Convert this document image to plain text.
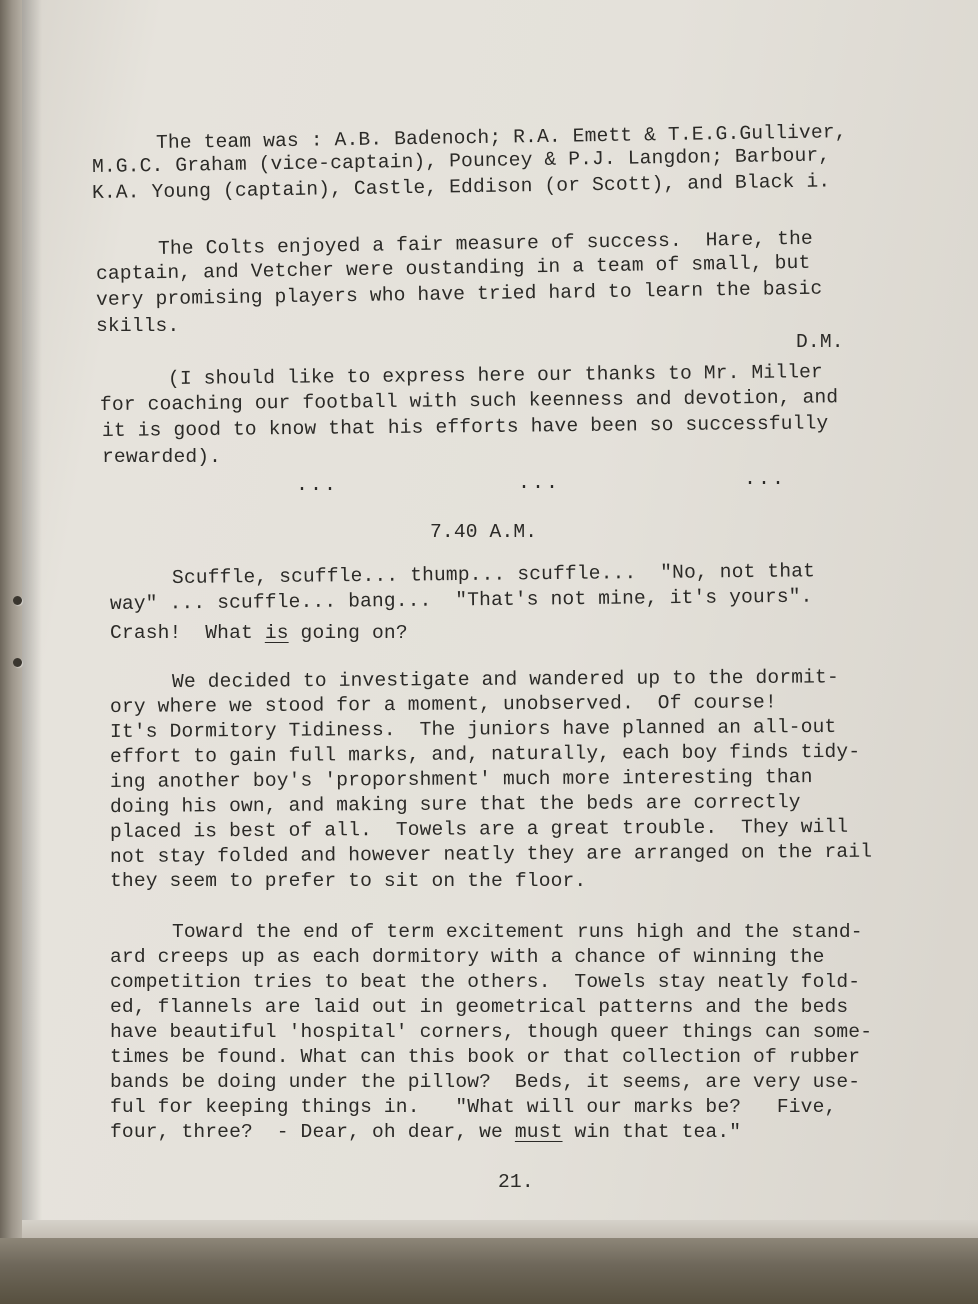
The team was : A.B. Badenoch; R.A. Emett & T.E.G.Gulliver,
M.G.C. Graham (vice-captain), Pouncey & P.J. Langdon; Barbour,
K.A. Young (captain), Castle, Eddison (or Scott), and Black i.
The Colts enjoyed a fair measure of success.  Hare, the
captain, and Vetcher were oustanding in a team of small, but
very promising players who have tried hard to learn the basic
skills.
D.M.
(I should like to express here our thanks to Mr. Miller
for coaching our football with such keenness and devotion, and
it is good to know that his efforts have been so successfully
rewarded).
...	...	...
7.40 A.M.
Scuffle, scuffle... thump... scuffle...  "No, not that
way" ... scuffle... bang...  "That's not mine, it's yours".
Crash!  What is going on?
We decided to investigate and wandered up to the dormit-
ory where we stood for a moment, unobserved.  Of course!
It's Dormitory Tidiness.  The juniors have planned an all-out
effort to gain full marks, and, naturally, each boy finds tidy-
ing another boy's 'proporshment' much more interesting than
doing his own, and making sure that the beds are correctly
placed is best of all.  Towels are a great trouble.  They will
not stay folded and however neatly they are arranged on the rail
they seem to prefer to sit on the floor.
Toward the end of term excitement runs high and the stand-
ard creeps up as each dormitory with a chance of winning the
competition tries to beat the others.  Towels stay neatly fold-
ed, flannels are laid out in geometrical patterns and the beds
have beautiful 'hospital' corners, though queer things can some-
times be found. What can this book or that collection of rubber
bands be doing under the pillow?  Beds, it seems, are very use-
ful for keeping things in.   "What will our marks be?   Five,
four, three?  - Dear, oh dear, we must win that tea."
21.
